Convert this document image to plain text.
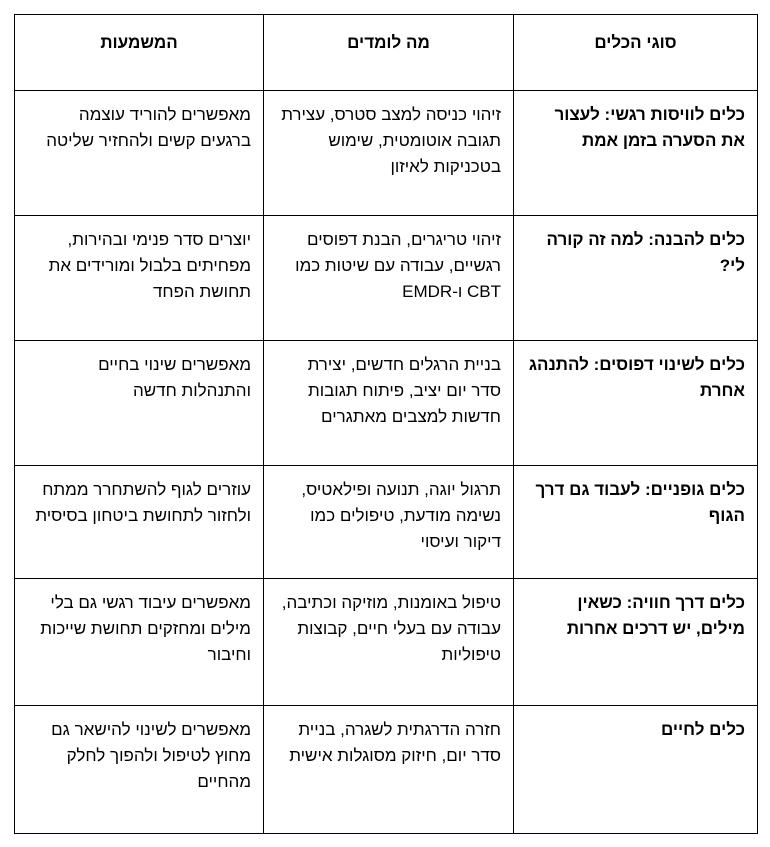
סוגי הכלים	מה לומדים	המשמעות
כלים לוויסות רגשי: לעצור את הסערה בזמן אמת	זיהוי כניסה למצב סטרס, עצירת תגובה אוטומטית, שימוש בטכניקות לאיזון	מאפשרים להוריד עוצמה ברגעים קשים ולהחזיר שליטה
כלים להבנה: למה זה קורה לי?	זיהוי טריגרים, הבנת דפוסים רגשיים, עבודה עם שיטות כמו CBT ו-EMDR	יוצרים סדר פנימי ובהירות, מפחיתים בלבול ומורידים את תחושת הפחד
כלים לשינוי דפוסים: להתנהג אחרת	בניית הרגלים חדשים, יצירת סדר יום יציב, פיתוח תגובות חדשות למצבים מאתגרים	מאפשרים שינוי בחיים והתנהלות חדשה
כלים גופניים: לעבוד גם דרך הגוף	תרגול יוגה, תנועה ופילאטיס, נשימה מודעת, טיפולים כמו דיקור ועיסוי	עוזרים לגוף להשתחרר ממתח ולחזור לתחושת ביטחון בסיסית
כלים דרך חוויה: כשאין מילים, יש דרכים אחרות	טיפול באומנות, מוזיקה וכתיבה, עבודה עם בעלי חיים, קבוצות טיפוליות	מאפשרים עיבוד רגשי גם בלי מילים ומחזקים תחושת שייכות וחיבור
כלים לחיים	חזרה הדרגתית לשגרה, בניית סדר יום, חיזוק מסוגלות אישית	מאפשרים לשינוי להישאר גם מחוץ לטיפול ולהפוך לחלק מהחיים
